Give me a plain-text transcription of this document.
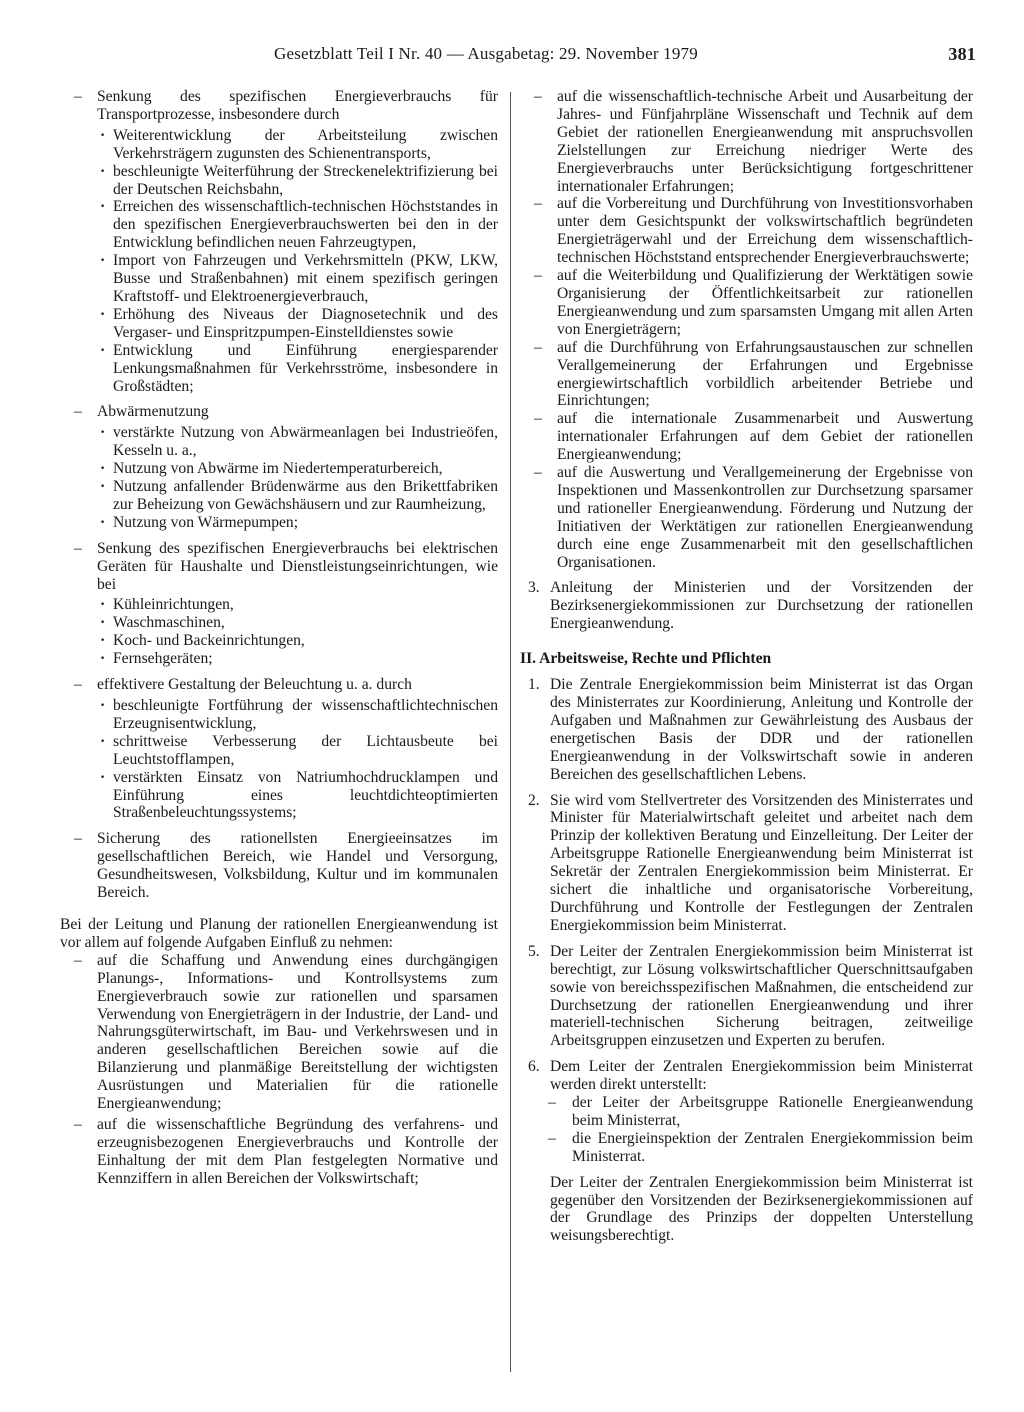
Gesetzblatt Teil I Nr. 40 — Ausgabetag: 29. November 1979	381

– Senkung des spezifischen Energieverbrauchs für Transportprozesse, insbesondere durch

· Weiterentwicklung der Arbeitsteilung zwischen Verkehrsträgern zugunsten des Schienentransports,

· beschleunigte Weiterführung der Streckenelektrifizierung bei der Deutschen Reichsbahn,

· Erreichen des wissenschaftlich-technischen Höchststandes in den spezifischen Energieverbrauchswerten bei den in der Entwicklung befindlichen neuen Fahrzeugtypen,

· Import von Fahrzeugen und Verkehrsmitteln (PKW, LKW, Busse und Straßenbahnen) mit einem spezifisch geringen Kraftstoff- und Elektroenergieverbrauch,

· Erhöhung des Niveaus der Diagnosetechnik und des Vergaser- und Einspritzpumpen-Einstelldienstes sowie

· Entwicklung und Einführung energiesparender Lenkungsmaßnahmen für Verkehrsströme, insbesondere in Großstädten;

– Abwärmenutzung

· verstärkte Nutzung von Abwärmeanlagen bei Industrieöfen, Kesseln u. a.,

· Nutzung von Abwärme im Niedertemperaturbereich,

· Nutzung anfallender Brüdenwärme aus den Brikettfabriken zur Beheizung von Gewächshäusern und zur Raumheizung,

· Nutzung von Wärmepumpen;

– Senkung des spezifischen Energieverbrauchs bei elektrischen Geräten für Haushalte und Dienstleistungseinrichtungen, wie bei

· Kühleinrichtungen,

· Waschmaschinen,

· Koch- und Backeinrichtungen,

· Fernsehgeräten;

– effektivere Gestaltung der Beleuchtung u. a. durch

· beschleunigte Fortführung der wissenschaftlichtechnischen Erzeugnisentwicklung,

· schrittweise Verbesserung der Lichtausbeute bei Leuchtstofflampen,

· verstärkten Einsatz von Natriumhochdrucklampen und Einführung eines leuchtdichteoptimierten Straßenbeleuchtungssystems;

– Sicherung des rationellsten Energieeinsatzes im gesellschaftlichen Bereich, wie Handel und Versorgung, Gesundheitswesen, Volksbildung, Kultur und im kommunalen Bereich.

Bei der Leitung und Planung der rationellen Energieanwendung ist vor allem auf folgende Aufgaben Einfluß zu nehmen:

– auf die Schaffung und Anwendung eines durchgängigen Planungs-, Informations- und Kontrollsystems zum Energieverbrauch sowie zur rationellen und sparsamen Verwendung von Energieträgern in der Industrie, der Land- und Nahrungsgüterwirtschaft, im Bau- und Verkehrswesen und in anderen gesellschaftlichen Bereichen sowie auf die Bilanzierung und planmäßige Bereitstellung der wichtigsten Ausrüstungen und Materialien für die rationelle Energieanwendung;

– auf die wissenschaftliche Begründung des verfahrens- und erzeugnisbezogenen Energieverbrauchs und Kontrolle der Einhaltung der mit dem Plan festgelegten Normative und Kennziffern in allen Bereichen der Volkswirtschaft;

– auf die wissenschaftlich-technische Arbeit und Ausarbeitung der Jahres- und Fünfjahrpläne Wissenschaft und Technik auf dem Gebiet der rationellen Energieanwendung mit anspruchsvollen Zielstellungen zur Erreichung niedriger Werte des Energieverbrauchs unter Berücksichtigung fortgeschrittener internationaler Erfahrungen;

– auf die Vorbereitung und Durchführung von Investitionsvorhaben unter dem Gesichtspunkt der volkswirtschaftlich begründeten Energieträgerwahl und der Erreichung dem wissenschaftlich-technischen Höchststand entsprechender Energieverbrauchswerte;

– auf die Weiterbildung und Qualifizierung der Werktätigen sowie Organisierung der Öffentlichkeitsarbeit zur rationellen Energieanwendung und zum sparsamsten Umgang mit allen Arten von Energieträgern;

– auf die Durchführung von Erfahrungsaustauschen zur schnellen Verallgemeinerung der Erfahrungen und Ergebnisse energiewirtschaftlich vorbildlich arbeitender Betriebe und Einrichtungen;

– auf die internationale Zusammenarbeit und Auswertung internationaler Erfahrungen auf dem Gebiet der rationellen Energieanwendung;

– auf die Auswertung und Verallgemeinerung der Ergebnisse von Inspektionen und Massenkontrollen zur Durchsetzung sparsamer und rationeller Energieanwendung. Förderung und Nutzung der Initiativen der Werktätigen zur rationellen Energieanwendung durch eine enge Zusammenarbeit mit den gesellschaftlichen Organisationen.

3. Anleitung der Ministerien und der Vorsitzenden der Bezirksenergiekommissionen zur Durchsetzung der rationellen Energieanwendung.

II. Arbeitsweise, Rechte und Pflichten

1. Die Zentrale Energiekommission beim Ministerrat ist das Organ des Ministerrates zur Koordinierung, Anleitung und Kontrolle der Aufgaben und Maßnahmen zur Gewährleistung des Ausbaus der energetischen Basis der DDR und der rationellen Energieanwendung in der Volkswirtschaft sowie in anderen Bereichen des gesellschaftlichen Lebens.

2. Sie wird vom Stellvertreter des Vorsitzenden des Ministerrates und Minister für Materialwirtschaft geleitet und arbeitet nach dem Prinzip der kollektiven Beratung und Einzelleitung. Der Leiter der Arbeitsgruppe Rationelle Energieanwendung beim Ministerrat ist Sekretär der Zentralen Energiekommission beim Ministerrat. Er sichert die inhaltliche und organisatorische Vorbereitung, Durchführung und Kontrolle der Festlegungen der Zentralen Energiekommission beim Ministerrat.

5. Der Leiter der Zentralen Energiekommission beim Ministerrat ist berechtigt, zur Lösung volkswirtschaftlicher Querschnittsaufgaben sowie von bereichsspezifischen Maßnahmen, die entscheidend zur Durchsetzung der rationellen Energieanwendung und ihrer materiell-technischen Sicherung beitragen, zeitweilige Arbeitsgruppen einzusetzen und Experten zu berufen.

6. Dem Leiter der Zentralen Energiekommission beim Ministerrat werden direkt unterstellt:

– der Leiter der Arbeitsgruppe Rationelle Energieanwendung beim Ministerrat,

– die Energieinspektion der Zentralen Energiekommission beim Ministerrat.

Der Leiter der Zentralen Energiekommission beim Ministerrat ist gegenüber den Vorsitzenden der Bezirksenergiekommissionen auf der Grundlage des Prinzips der doppelten Unterstellung weisungsberechtigt.
